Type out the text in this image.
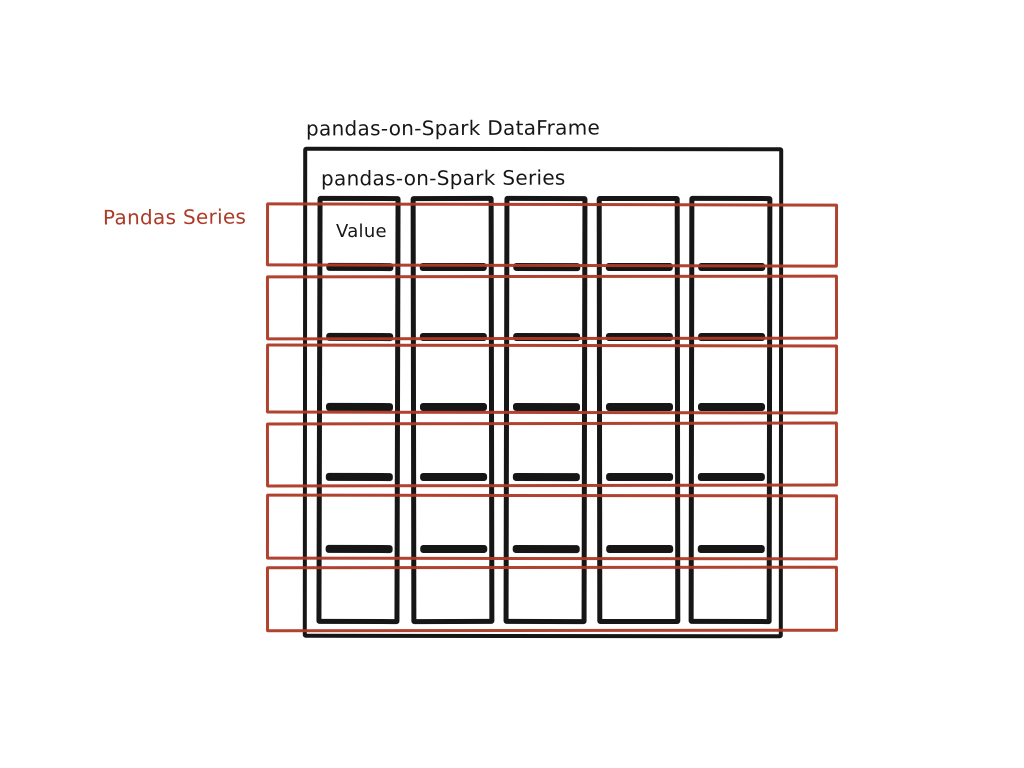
pandas-on-Spark DataFrame
pandas-on-Spark Series
Pandas Series
Value
